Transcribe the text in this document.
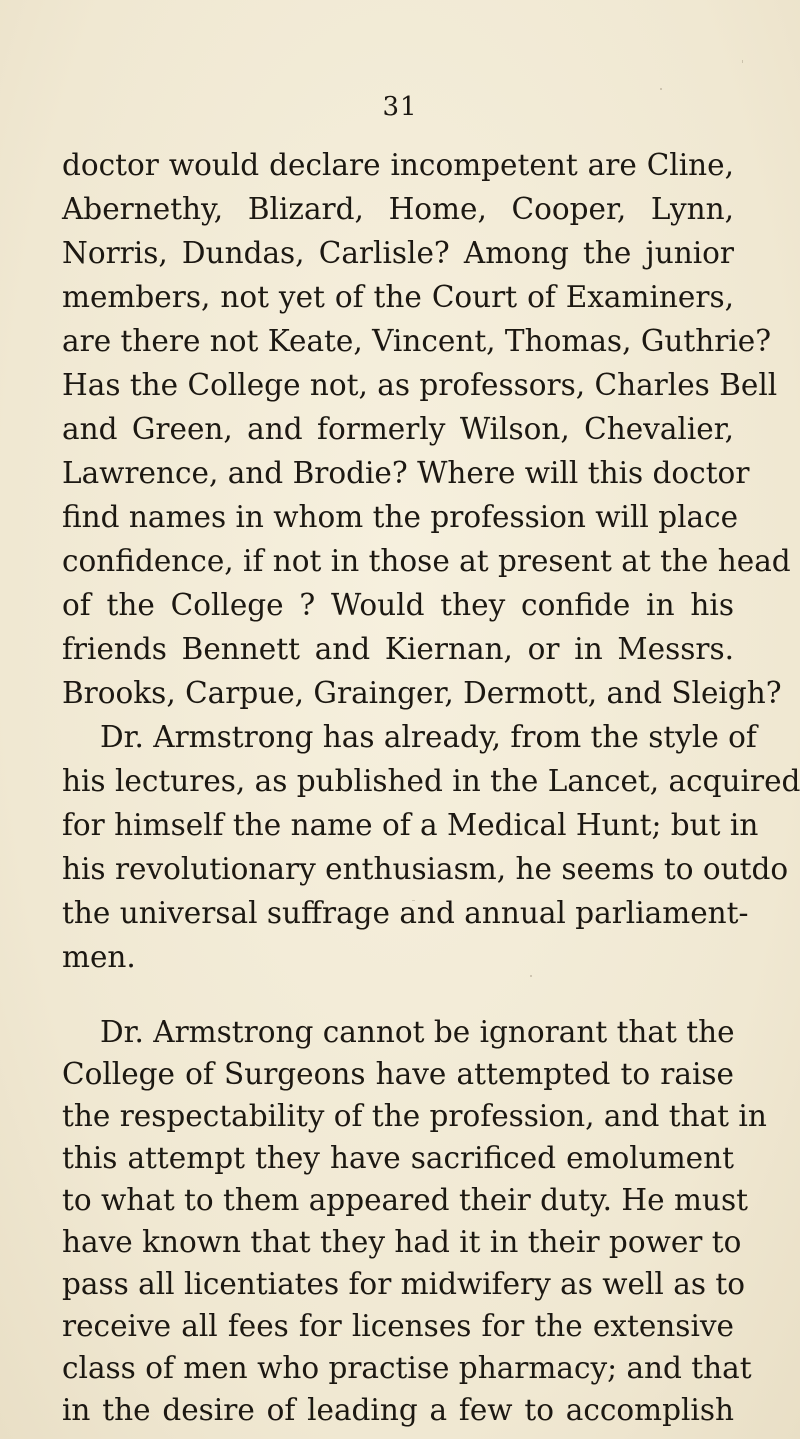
31
doctor would declare incompetent are Cline,
Abernethy, Blizard, Home, Cooper, Lynn,
Norris, Dundas, Carlisle? Among the junior
members, not yet of the Court of Examiners,
are there not Keate, Vincent, Thomas, Guthrie?
Has the College not, as professors, Charles Bell
and Green, and formerly Wilson, Chevalier,
Lawrence, and Brodie? Where will this doctor
find names in whom the profession will place
confidence, if not in those at present at the head
of the College ? Would they confide in his
friends Bennett and Kiernan, or in Messrs.
Brooks, Carpue, Grainger, Dermott, and Sleigh?
Dr. Armstrong has already, from the style of
his lectures, as published in the Lancet, acquired
for himself the name of a Medical Hunt; but in
his revolutionary enthusiasm, he seems to outdo
the universal suffrage and annual parliament-
men.
Dr. Armstrong cannot be ignorant that the
College of Surgeons have attempted to raise
the respectability of the profession, and that in
this attempt they have sacrificed emolument
to what to them appeared their duty. He must
have known that they had it in their power to
pass all licentiates for midwifery as well as to
receive all fees for licenses for the extensive
class of men who practise pharmacy; and that
in the desire of leading a few to accomplish
